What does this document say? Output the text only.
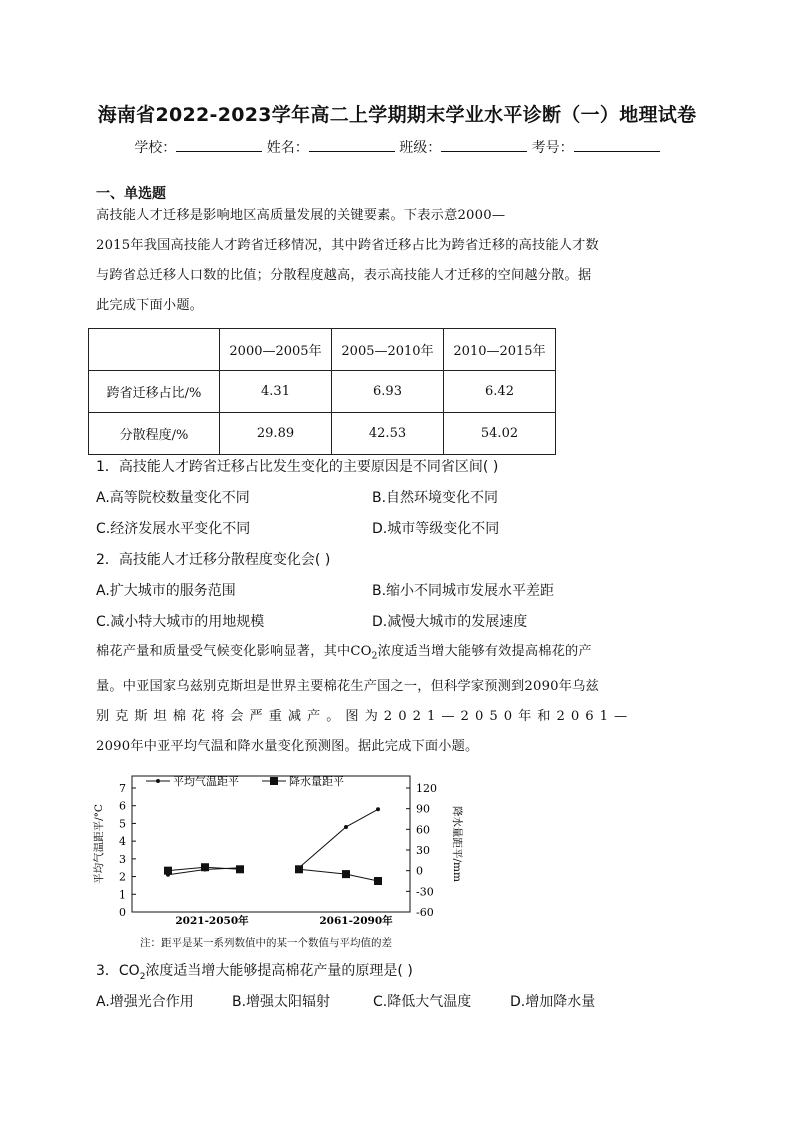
海南省2022-2023学年高二上学期期末学业水平诊断（一）地理试卷
学校：	姓名：	班级：	考号：
一、单选题
高技能人才迁移是影响地区高质量发展的关键要素。下表示意2000—
2015年我国高技能人才跨省迁移情况，其中跨省迁移占比为跨省迁移的高技能人才数
与跨省总迁移人口数的比值；分散程度越高，表示高技能人才迁移的空间越分散。据
此完成下面小题。
	2000—2005年	2005—2010年	2010—2015年
跨省迁移占比/%	4.31	6.93	6.42
分散程度/%	29.89	42.53	54.02
1．高技能人才跨省迁移占比发生变化的主要原因是不同省区间( )
A.高等院校数量变化不同	B.自然环境变化不同
C.经济发展水平变化不同	D.城市等级变化不同
2．高技能人才迁移分散程度变化会( )
A.扩大城市的服务范围	B.缩小不同城市发展水平差距
C.减小特大城市的用地规模	D.减慢大城市的发展速度
棉花产量和质量受气候变化影响显著，其中$CO_2$浓度适当增大能够有效提高棉花的产
量。中亚国家乌兹别克斯坦是世界主要棉花生产国之一，但科学家预测到2090年乌兹
别克斯坦棉花将会严重减产。图为2021—2050年和2061—
2090年中亚平均气温和降水量变化预测图。据此完成下面小题。
0
1
2
3
4
5
6
7
-60
-30
0
30
60
90
120
平均气温距平	降水量距平
平均气温距平/°C	降水量距平/mm
2021-2050年	2061-2090年
注：距平是某一系列数值中的某一个数值与平均值的差
3．$CO_2$浓度适当增大能够提高棉花产量的原理是( )
A.增强光合作用	B.增强太阳辐射	C.降低大气温度	D.增加降水量
